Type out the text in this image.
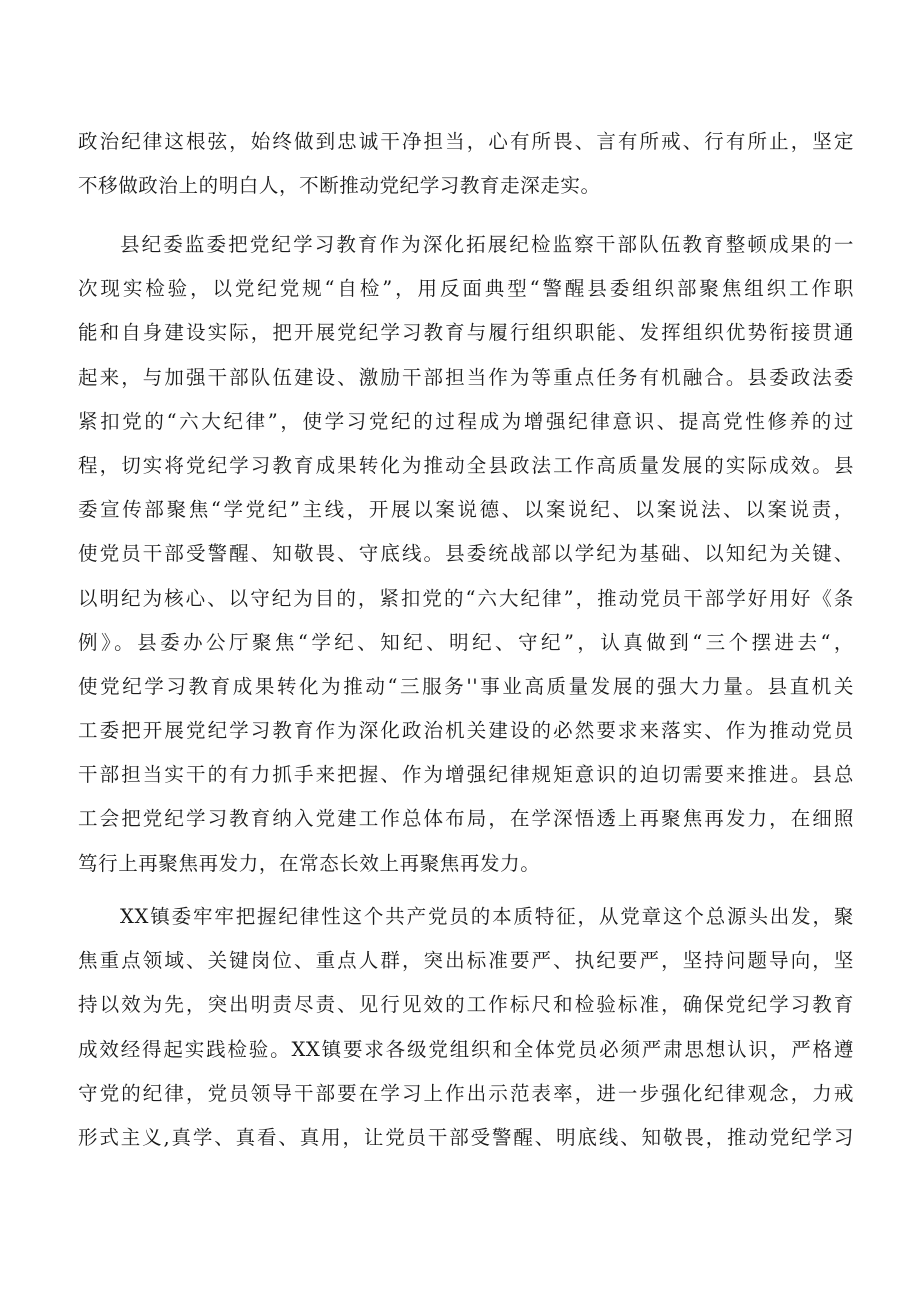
政治纪律这根弦，始终做到忠诚干净担当，心有所畏、言有所戒、行有所止，坚定
不移做政治上的明白人，不断推动党纪学习教育走深走实。
县纪委监委把党纪学习教育作为深化拓展纪检监察干部队伍教育整顿成果的一
次现实检验，以党纪党规“自检”，用反面典型“警醒县委组织部聚焦组织工作职
能和自身建设实际，把开展党纪学习教育与履行组织职能、发挥组织优势衔接贯通
起来，与加强干部队伍建设、激励干部担当作为等重点任务有机融合。县委政法委
紧扣党的“六大纪律”，使学习党纪的过程成为增强纪律意识、提高党性修养的过
程，切实将党纪学习教育成果转化为推动全县政法工作高质量发展的实际成效。县
委宣传部聚焦“学党纪”主线，开展以案说德、以案说纪、以案说法、以案说责，
使党员干部受警醒、知敬畏、守底线。县委统战部以学纪为基础、以知纪为关键、
以明纪为核心、以守纪为目的，紧扣党的“六大纪律”，推动党员干部学好用好《条
例》。县委办公厅聚焦“学纪、知纪、明纪、守纪”，认真做到“三个摆进去“，
使党纪学习教育成果转化为推动“三服务''事业高质量发展的强大力量。县直机关
工委把开展党纪学习教育作为深化政治机关建设的必然要求来落实、作为推动党员
干部担当实干的有力抓手来把握、作为增强纪律规矩意识的迫切需要来推进。县总
工会把党纪学习教育纳入党建工作总体布局，在学深悟透上再聚焦再发力，在细照
笃行上再聚焦再发力，在常态长效上再聚焦再发力。
XX镇委牢牢把握纪律性这个共产党员的本质特征，从党章这个总源头出发，聚
焦重点领域、关键岗位、重点人群，突出标准要严、执纪要严，坚持问题导向，坚
持以效为先，突出明责尽责、见行见效的工作标尺和检验标准，确保党纪学习教育
成效经得起实践检验。XX镇要求各级党组织和全体党员必须严肃思想认识，严格遵
守党的纪律，党员领导干部要在学习上作出示范表率，进一步强化纪律观念，力戒
形式主义,真学、真看、真用，让党员干部受警醒、明底线、知敬畏，推动党纪学习
